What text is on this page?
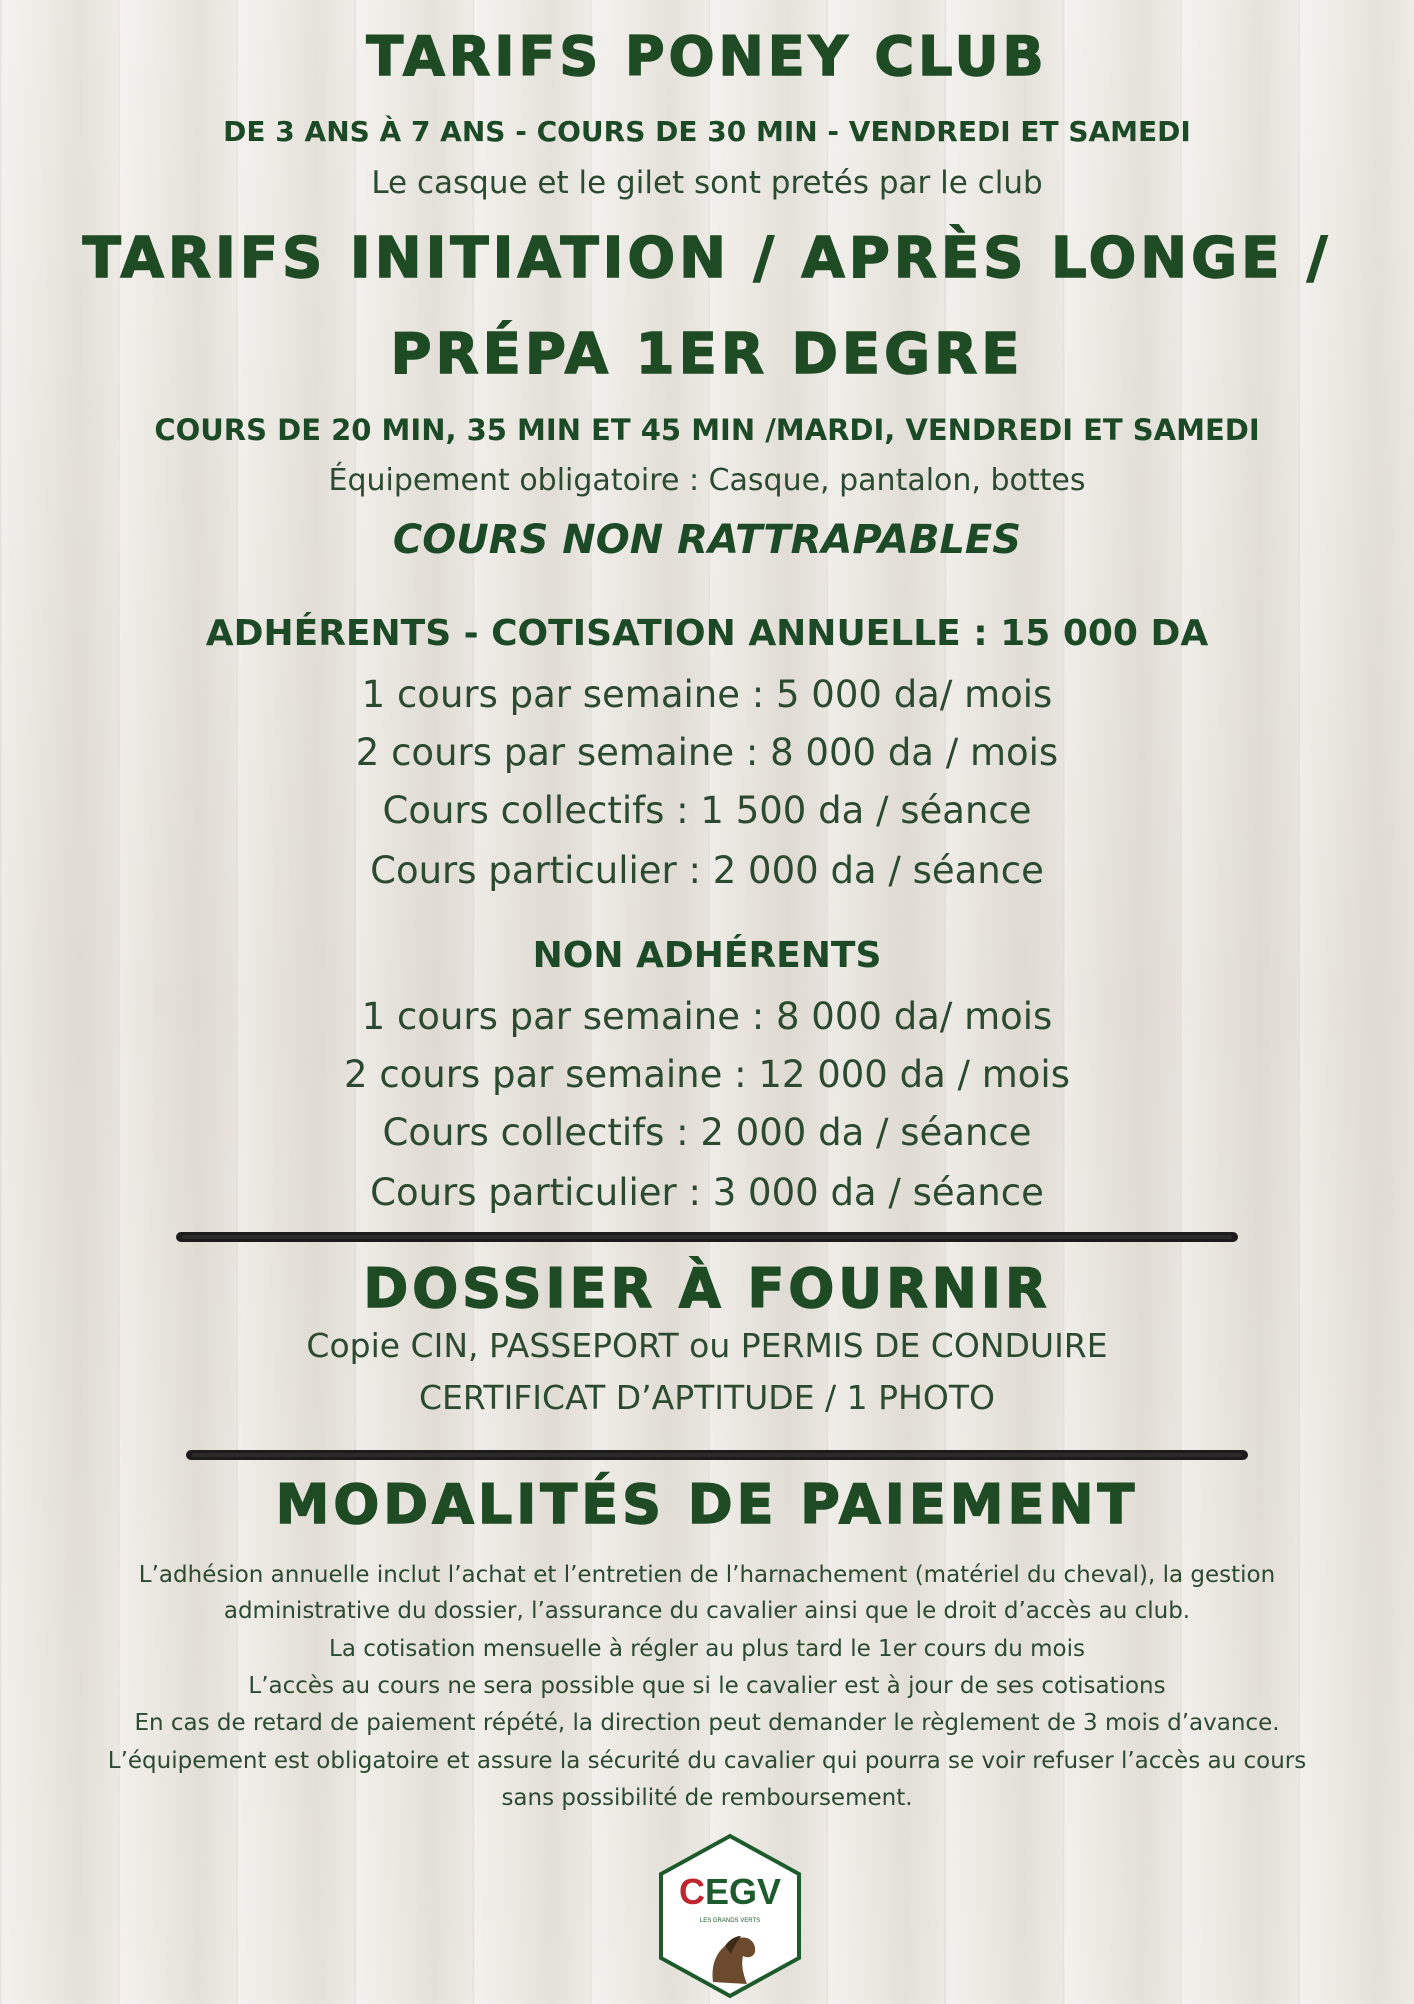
TARIFS PONEY CLUB
DE 3 ANS À 7 ANS - COURS DE 30 MIN - VENDREDI ET SAMEDI
Le casque et le gilet sont pretés par le club
TARIFS INITIATION / APRÈS LONGE /
PRÉPA 1ER DEGRE
COURS DE 20 MIN, 35 MIN ET 45 MIN /MARDI, VENDREDI ET SAMEDI
Équipement obligatoire : Casque, pantalon, bottes
COURS NON RATTRAPABLES
ADHÉRENTS - COTISATION ANNUELLE : 15 000 DA
1 cours par semaine : 5 000 da/ mois
2 cours par semaine : 8 000 da / mois
Cours collectifs : 1 500 da / séance
Cours particulier : 2 000 da / séance
NON ADHÉRENTS
1 cours par semaine : 8 000 da/ mois
2 cours par semaine : 12 000 da / mois
Cours collectifs : 2 000 da / séance
Cours particulier : 3 000 da / séance
DOSSIER À FOURNIR
Copie CIN, PASSEPORT ou PERMIS DE CONDUIRE
CERTIFICAT D’APTITUDE / 1 PHOTO
MODALITÉS DE PAIEMENT
L’adhésion annuelle inclut l’achat et l’entretien de l’harnachement (matériel du cheval), la gestion
administrative du dossier, l’assurance du cavalier ainsi que le droit d’accès au club.
La cotisation mensuelle à régler au plus tard le 1er cours du mois
L’accès au cours ne sera possible que si le cavalier est à jour de ses cotisations
En cas de retard de paiement répété, la direction peut demander le règlement de 3 mois d’avance.
L’équipement est obligatoire et assure la sécurité du cavalier qui pourra se voir refuser l’accès au cours
sans possibilité de remboursement.
CEGV
LES GRANDS VERTS
